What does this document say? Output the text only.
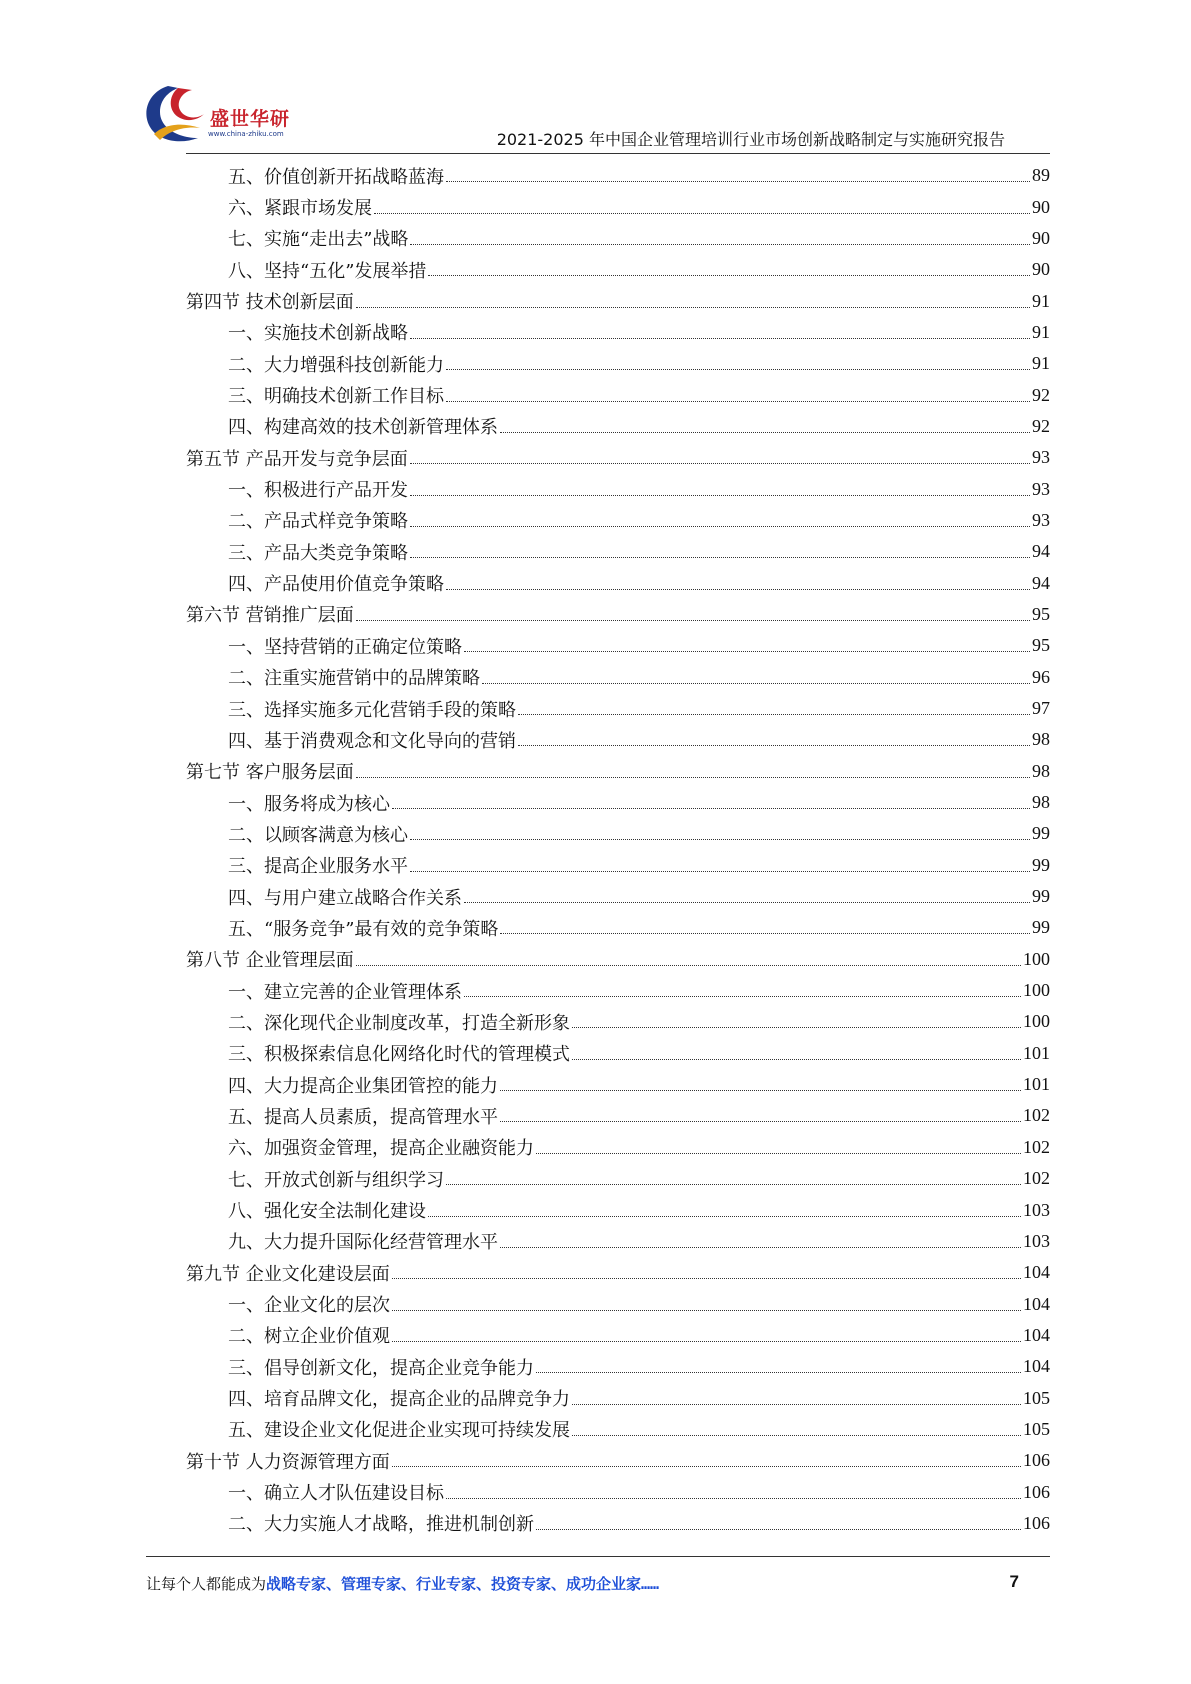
盛世华研
www.china-zhiku.com	2021-2025 年中国企业管理培训行业市场创新战略制定与实施研究报告
五、价值创新开拓战略蓝海	89
六、紧跟市场发展	90
七、实施“走出去”战略	90
八、坚持“五化”发展举措	90
第四节 技术创新层面	91
一、实施技术创新战略	91
二、大力增强科技创新能力	91
三、明确技术创新工作目标	92
四、构建高效的技术创新管理体系	92
第五节 产品开发与竞争层面	93
一、积极进行产品开发	93
二、产品式样竞争策略	93
三、产品大类竞争策略	94
四、产品使用价值竞争策略	94
第六节 营销推广层面	95
一、坚持营销的正确定位策略	95
二、注重实施营销中的品牌策略	96
三、选择实施多元化营销手段的策略	97
四、基于消费观念和文化导向的营销	98
第七节 客户服务层面	98
一、服务将成为核心	98
二、以顾客满意为核心	99
三、提高企业服务水平	99
四、与用户建立战略合作关系	99
五、“服务竞争”最有效的竞争策略	99
第八节 企业管理层面	100
一、建立完善的企业管理体系	100
二、深化现代企业制度改革，打造全新形象	100
三、积极探索信息化网络化时代的管理模式	101
四、大力提高企业集团管控的能力	101
五、提高人员素质，提高管理水平	102
六、加强资金管理，提高企业融资能力	102
七、开放式创新与组织学习	102
八、强化安全法制化建设	103
九、大力提升国际化经营管理水平	103
第九节 企业文化建设层面	104
一、企业文化的层次	104
二、树立企业价值观	104
三、倡导创新文化，提高企业竞争能力	104
四、培育品牌文化，提高企业的品牌竞争力	105
五、建设企业文化促进企业实现可持续发展	105
第十节 人力资源管理方面	106
一、确立人才队伍建设目标	106
二、大力实施人才战略，推进机制创新	106
让每个人都能成为战略专家、管理专家、行业专家、投资专家、成功企业家……	7
